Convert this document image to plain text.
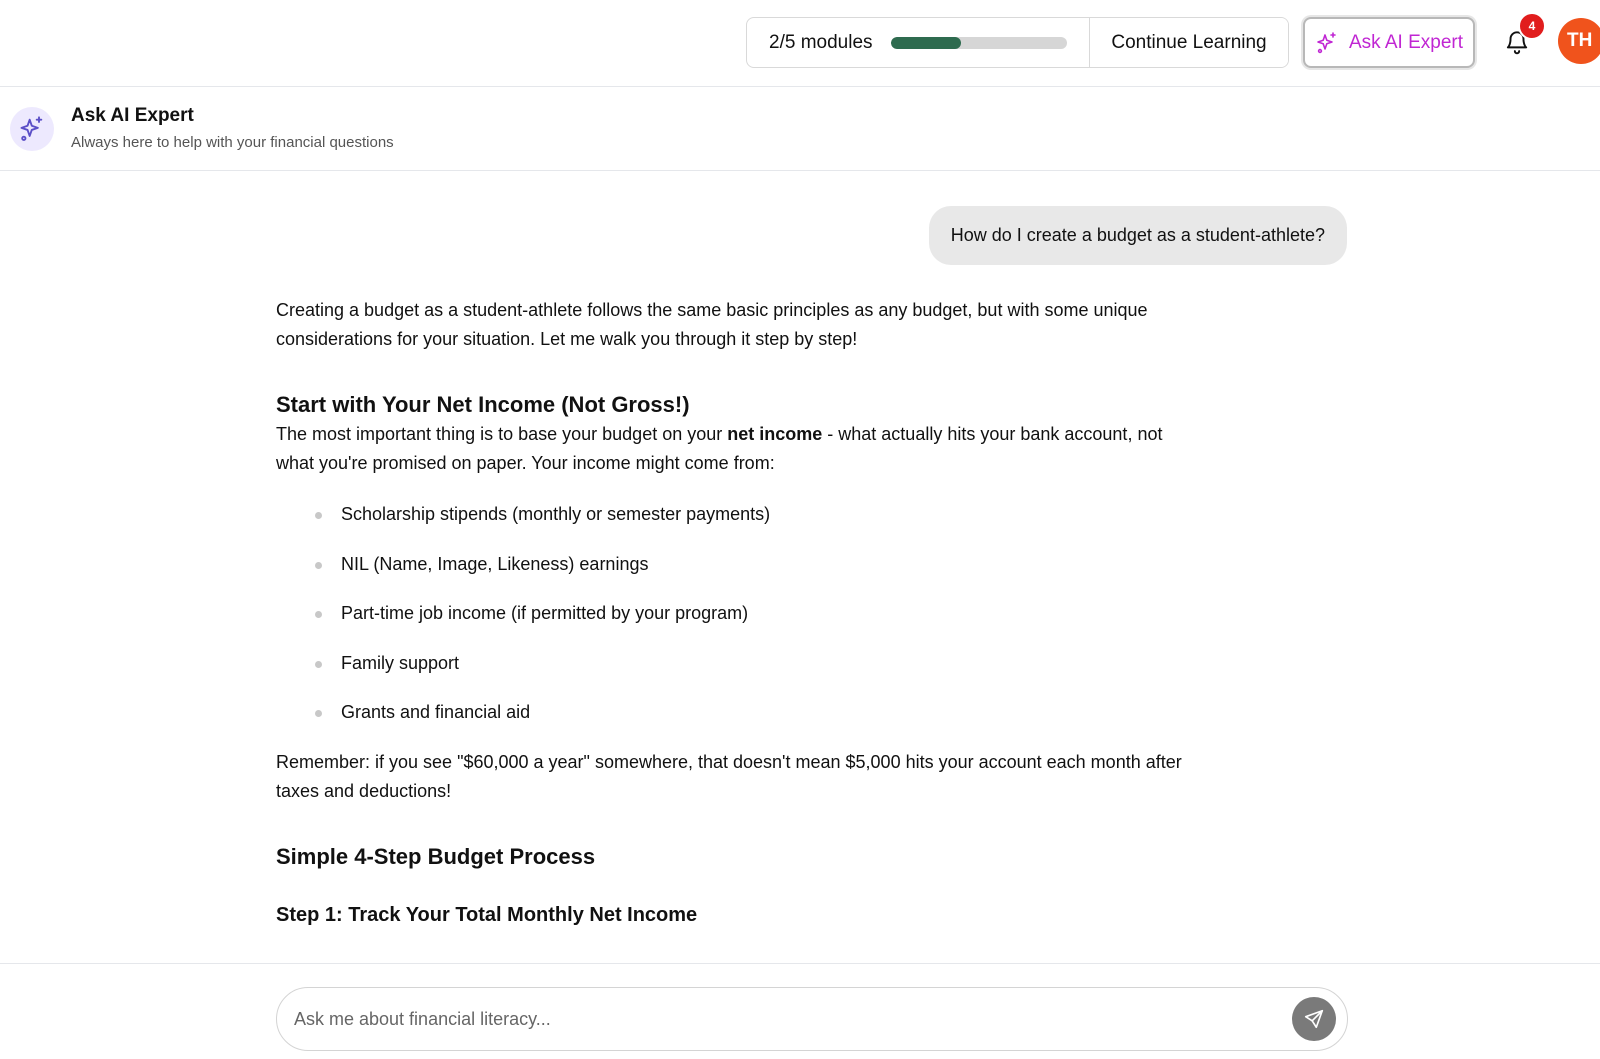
2/5 modules	Continue Learning	Ask AI Expert
4
TH
Ask AI Expert
Always here to help with your financial questions
How do I create a budget as a student-athlete?

Creating a budget as a student-athlete follows the same basic principles as any budget, but with some unique considerations for your situation. Let me walk you through it step by step!

Start with Your Net Income (Not Gross!)

The most important thing is to base your budget on your net income - what actually hits your bank account, not what you're promised on paper. Your income might come from:

Scholarship stipends (monthly or semester payments)
NIL (Name, Image, Likeness) earnings
Part-time job income (if permitted by your program)
Family support
Grants and financial aid

Remember: if you see "$60,000 a year" somewhere, that doesn't mean $5,000 hits your account each month after taxes and deductions!

Simple 4-Step Budget Process
Step 1: Track Your Total Monthly Net Income
Ask me about financial literacy...
